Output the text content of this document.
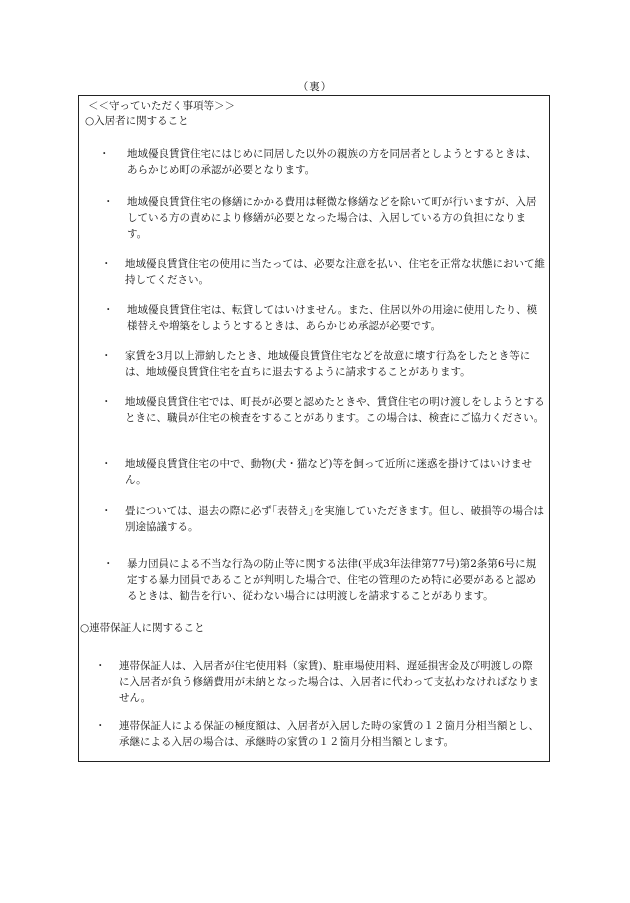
（裏）
＜＜守っていただく事項等＞＞
○入居者に関すること
・	地域優良賃貸住宅にはじめに同居した以外の親族の方を同居者としようとするときは、あらかじめ町の承認が必要となります。
・	地域優良賃貸住宅の修繕にかかる費用は軽微な修繕などを除いて町が行いますが、入居している方の責めにより修繕が必要となった場合は、入居している方の負担になります。
・	地域優良賃貸住宅の使用に当たっては、必要な注意を払い、住宅を正常な状態において維持してください。
・	地域優良賃貸住宅は、転貸してはいけません。また、住居以外の用途に使用したり、模様替えや増築をしようとするときは、あらかじめ承認が必要です。
・	家賃を3月以上滞納したとき、地域優良賃貸住宅などを故意に壊す行為をしたとき等には、地域優良賃貸住宅を直ちに退去するように請求することがあります。
・	地域優良賃貸住宅では、町長が必要と認めたときや、賃貸住宅の明け渡しをしようとするときに、職員が住宅の検査をすることがあります。この場合は、検査にご協力ください。
・	地域優良賃貸住宅の中で、動物(犬・猫など)等を飼って近所に迷惑を掛けてはいけません。
・	畳については、退去の際に必ず｢表替え｣を実施していただきます。但し、破損等の場合は別途協議する。
・	暴力団員による不当な行為の防止等に関する法律(平成3年法律第77号)第2条第6号に規定する暴力団員であることが判明した場合で、住宅の管理のため特に必要があると認めるときは、勧告を行い、従わない場合には明渡しを請求することがあります。
○連帯保証人に関すること
・	連帯保証人は、入居者が住宅使用料（家賃)、駐車場使用料、遅延損害金及び明渡しの際に入居者が負う修繕費用が未納となった場合は、入居者に代わって支払わなければなりません。
・	連帯保証人による保証の極度額は、入居者が入居した時の家賃の１２箇月分相当額とし、承継による入居の場合は、承継時の家賃の１２箇月分相当額とします。
